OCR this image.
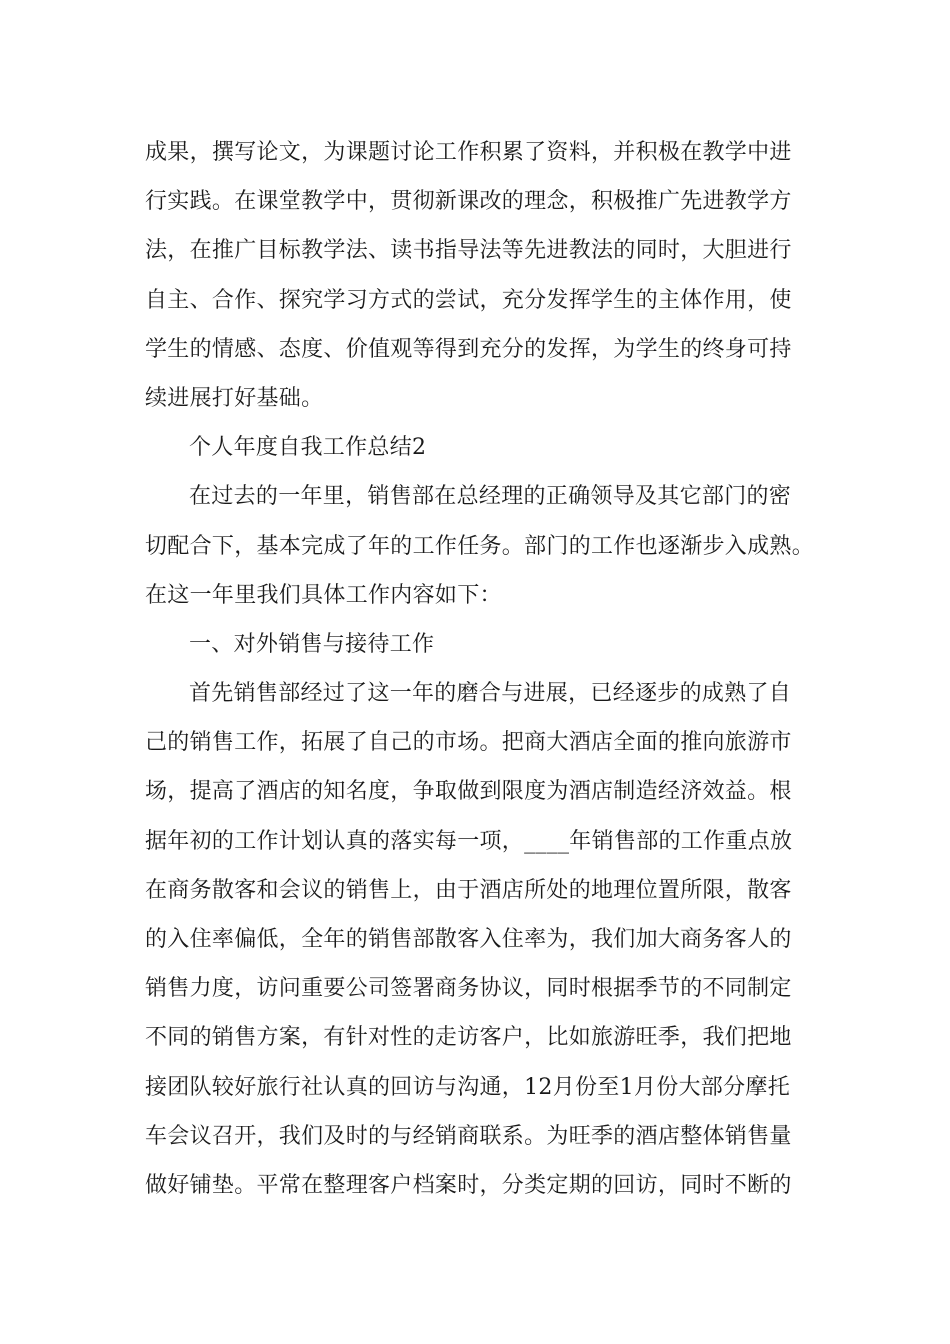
成果，撰写论文，为课题讨论工作积累了资料，并积极在教学中进
行实践。在课堂教学中，贯彻新课改的理念，积极推广先进教学方
法，在推广目标教学法、读书指导法等先进教法的同时，大胆进行
自主、合作、探究学习方式的尝试，充分发挥学生的主体作用，使
学生的情感、态度、价值观等得到充分的发挥，为学生的终身可持
续进展打好基础。
个人年度自我工作总结2
在过去的一年里，销售部在总经理的正确领导及其它部门的密
切配合下，基本完成了年的工作任务。部门的工作也逐渐步入成熟。
在这一年里我们具体工作内容如下：
一、对外销售与接待工作
首先销售部经过了这一年的磨合与进展，已经逐步的成熟了自
己的销售工作，拓展了自己的市场。把商大酒店全面的推向旅游市
场，提高了酒店的知名度，争取做到限度为酒店制造经济效益。根
据年初的工作计划认真的落实每一项，____年销售部的工作重点放
在商务散客和会议的销售上，由于酒店所处的地理位置所限，散客
的入住率偏低，全年的销售部散客入住率为，我们加大商务客人的
销售力度，访问重要公司签署商务协议，同时根据季节的不同制定
不同的销售方案，有针对性的走访客户，比如旅游旺季，我们把地
接团队较好旅行社认真的回访与沟通，12月份至1月份大部分摩托
车会议召开，我们及时的与经销商联系。为旺季的酒店整体销售量
做好铺垫。平常在整理客户档案时，分类定期的回访，同时不断的
